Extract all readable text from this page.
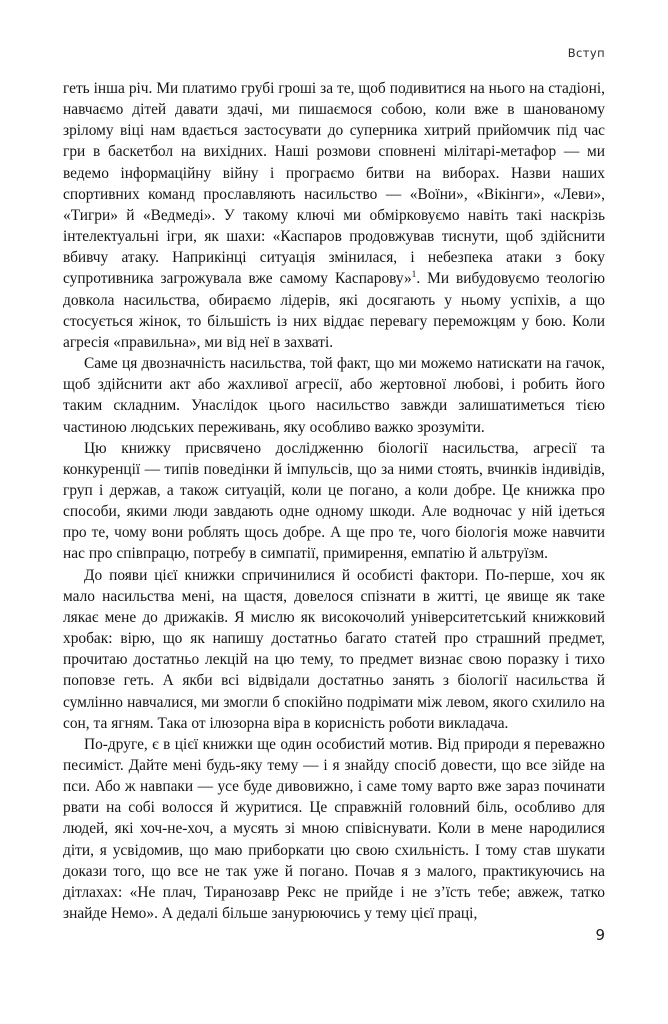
Вступ

геть інша річ. Ми платимо грубі гроші за те, щоб подивитися на нього на стадіоні, навчаємо дітей давати здачі, ми пишаємося собою, коли вже в шанованому зрілому віці нам вдається застосувати до суперника хитрий прийомчик під час гри в баскетбол на вихідних. Наші розмови сповнені мілітарі-метафор — ми ведемо інформаційну війну і програємо битви на виборах. Назви наших спортивних команд прославляють насильство — «Воїни», «Вікінги», «Леви», «Тигри» й «Ведмеді». У такому ключі ми обмірковуємо навіть такі наскрізь інтелектуальні ігри, як шахи: «Каспаров продовжував тиснути, щоб здійснити вбивчу атаку. Наприкінці ситуація змінилася, і небезпека атаки з боку супротивника загрожувала вже самому Каспарову»$^1$. Ми вибудовуємо теологію довкола насильства, обираємо лідерів, які досягають у ньому успіхів, а що стосується жінок, то більшість із них віддає перевагу переможцям у бою. Коли агресія «правильна», ми від неї в захваті.

Саме ця двозначність насильства, той факт, що ми можемо натискати на гачок, щоб здійснити акт або жахливої агресії, або жертовної любові, і робить його таким складним. Унаслідок цього насильство завжди залишатиметься тією частиною людських переживань, яку особливо важко зрозуміти.

Цю книжку присвячено дослідженню біології насильства, агресії та конкуренції — типів поведінки й імпульсів, що за ними стоять, вчинків індивідів, груп і держав, а також ситуацій, коли це погано, а коли добре. Це книжка про способи, якими люди завдають одне одному шкоди. Але водночас у ній ідеться про те, чому вони роблять щось добре. А ще про те, чого біологія може навчити нас про співпрацю, потребу в симпатії, примирення, емпатію й альтруїзм.

До появи цієї книжки спричинилися й особисті фактори. По-перше, хоч як мало насильства мені, на щастя, довелося спізнати в житті, це явище як таке лякає мене до дрижаків. Я мислю як високочолий університетський книжковий хробак: вірю, що як напишу достатньо багато статей про страшний предмет, прочитаю достатньо лекцій на цю тему, то предмет визнає свою поразку і тихо поповзе геть. А якби всі відвідали достатньо занять з біології насильства й сумлінно навчалися, ми змогли б спокійно подрімати між левом, якого схилило на сон, та ягням. Така от ілюзорна віра в корисність роботи викладача.

По-друге, є в цієї книжки ще один особистий мотив. Від природи я переважно песиміст. Дайте мені будь-яку тему — і я знайду спосіб довести, що все зійде на пси. Або ж навпаки — усе буде дивовижно, і саме тому варто вже зараз починати рвати на собі волосся й журитися. Це справжній головний біль, особливо для людей, які хоч-не-хоч, а мусять зі мною співіснувати. Коли в мене народилися діти, я усвідомив, що маю приборкати цю свою схильність. І тому став шукати докази того, що все не так уже й погано. Почав я з малого, практикуючись на дітлахах: «Не плач, Тиранозавр Рекс не прийде і не з’їсть тебе; авжеж, татко знайде Немо». А дедалі більше занурюючись у тему цієї праці,

9
